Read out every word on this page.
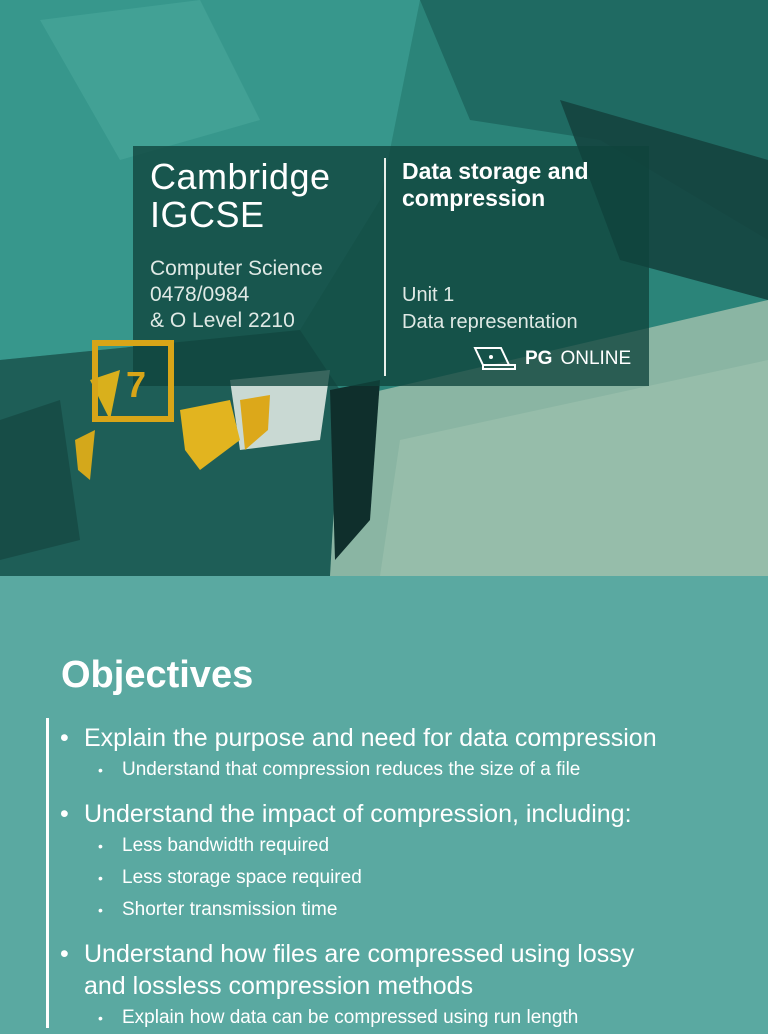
Cambridge
IGCSE
Computer Science
0478/0984
& O Level 2210
Data storage and compression
Unit 1
Data representation
PG ONLINE
7
Objectives
• Explain the purpose and need for data compression
• Understand that compression reduces the size of a file
• Understand the impact of compression, including:
• Less bandwidth required
• Less storage space required
• Shorter transmission time
• Understand how files are compressed using lossy
and lossless compression methods
• Explain how data can be compressed using run length
